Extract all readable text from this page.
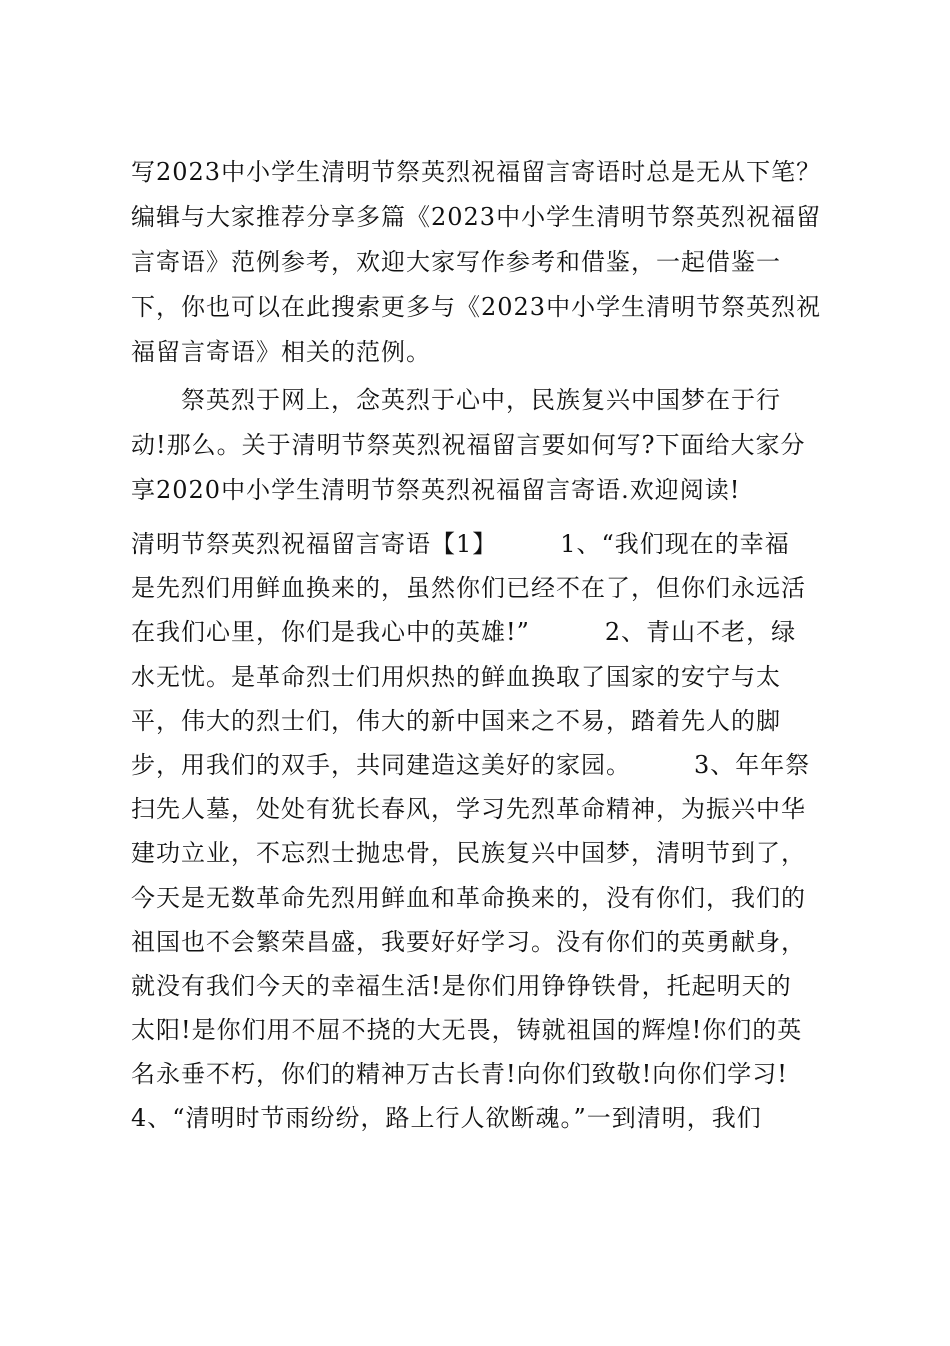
写2023中小学生清明节祭英烈祝福留言寄语时总是无从下笔？
编辑与大家推荐分享多篇《2023中小学生清明节祭英烈祝福留
言寄语》范例参考，欢迎大家写作参考和借鉴，一起借鉴一
下，你也可以在此搜索更多与《2023中小学生清明节祭英烈祝
福留言寄语》相关的范例。
　　祭英烈于网上，念英烈于心中，民族复兴中国梦在于行
动!那么。关于清明节祭英烈祝福留言要如何写?下面给大家分
享2020中小学生清明节祭英烈祝福留言寄语.欢迎阅读!
清明节祭英烈祝福留言寄语【1】　　　1、“我们现在的幸福
是先烈们用鲜血换来的，虽然你们已经不在了，但你们永远活
在我们心里，你们是我心中的英雄!”　　　2、青山不老，绿
水无忧。是革命烈士们用炽热的鲜血换取了国家的安宁与太
平，伟大的烈士们，伟大的新中国来之不易，踏着先人的脚
步，用我们的双手，共同建造这美好的家园。　　　3、年年祭
扫先人墓，处处有犹长春风，学习先烈革命精神，为振兴中华
建功立业，不忘烈士抛忠骨，民族复兴中国梦，清明节到了，
今天是无数革命先烈用鲜血和革命换来的，没有你们，我们的
祖国也不会繁荣昌盛，我要好好学习。没有你们的英勇献身，
就没有我们今天的幸福生活!是你们用铮铮铁骨，托起明天的
太阳!是你们用不屈不挠的大无畏，铸就祖国的辉煌!你们的英
名永垂不朽，你们的精神万古长青!向你们致敬!向你们学习!
4、“清明时节雨纷纷，路上行人欲断魂。”一到清明，我们
